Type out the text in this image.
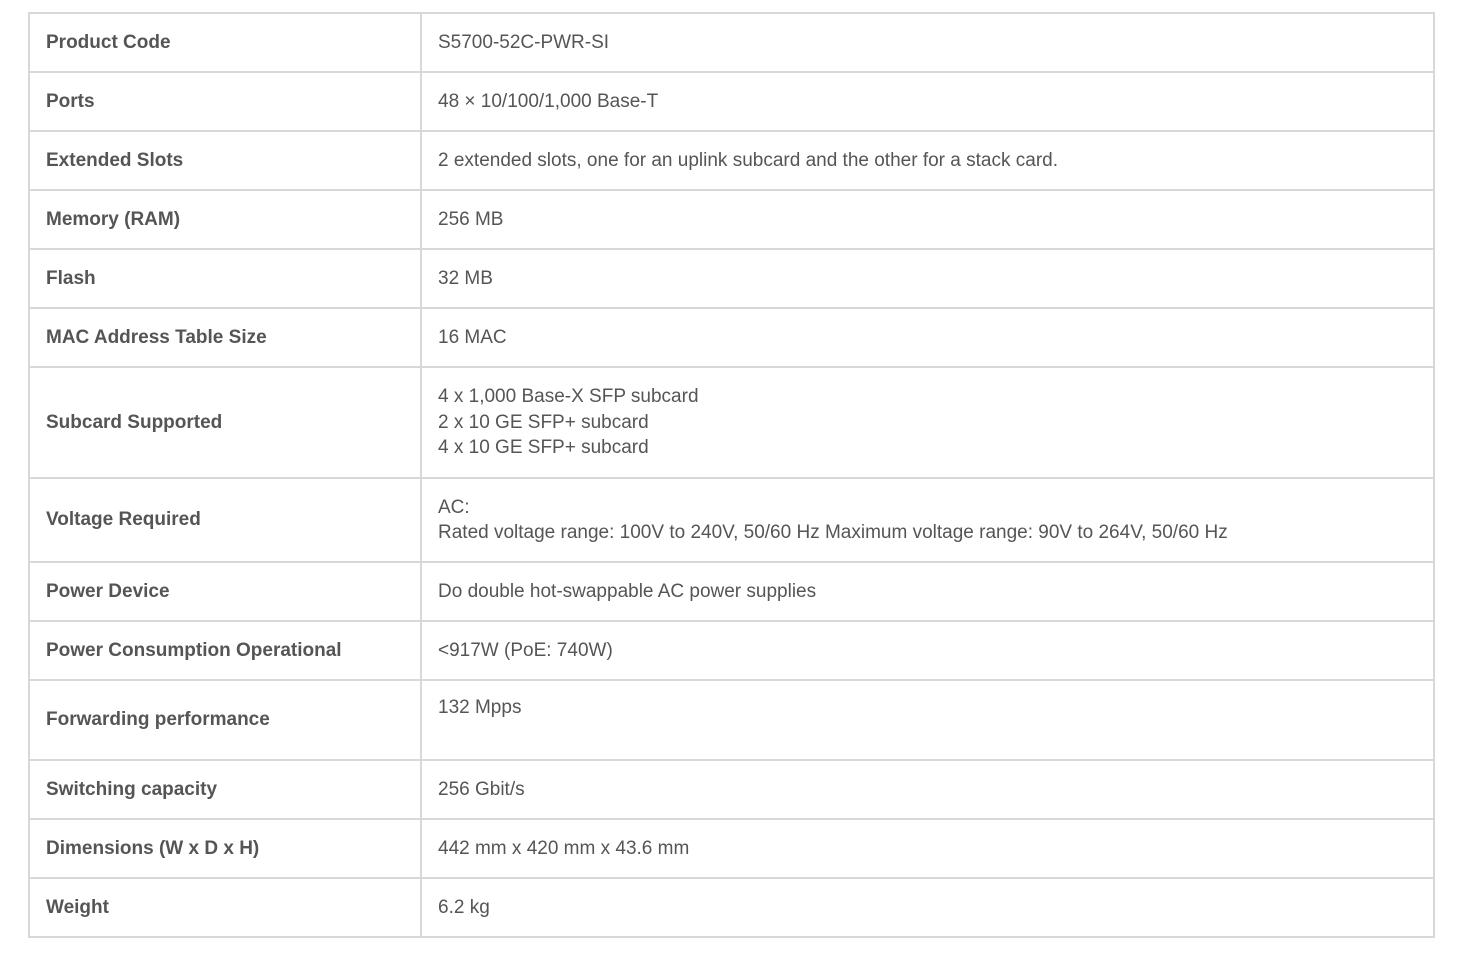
Product Code	S5700-52C-PWR-SI

Ports	48 × 10/100/1,000 Base-T

Extended Slots	2 extended slots, one for an uplink subcard and the other for a stack card.

Memory (RAM)	256 MB

Flash	32 MB

MAC Address Table Size	16 MAC

Subcard Supported	4 x 1,000 Base-X SFP subcard
2 x 10 GE SFP+ subcard
4 x 10 GE SFP+ subcard

Voltage Required	AC:
Rated voltage range: 100V to 240V, 50/60 Hz Maximum voltage range: 90V to 264V, 50/60 Hz

Power Device	Do double hot-swappable AC power supplies

Power Consumption Operational	<917W (PoE: 740W)

Forwarding performance	132 Mpps

Switching capacity	256 Gbit/s

Dimensions (W x D x H)	442 mm x 420 mm x 43.6 mm

Weight	6.2 kg
